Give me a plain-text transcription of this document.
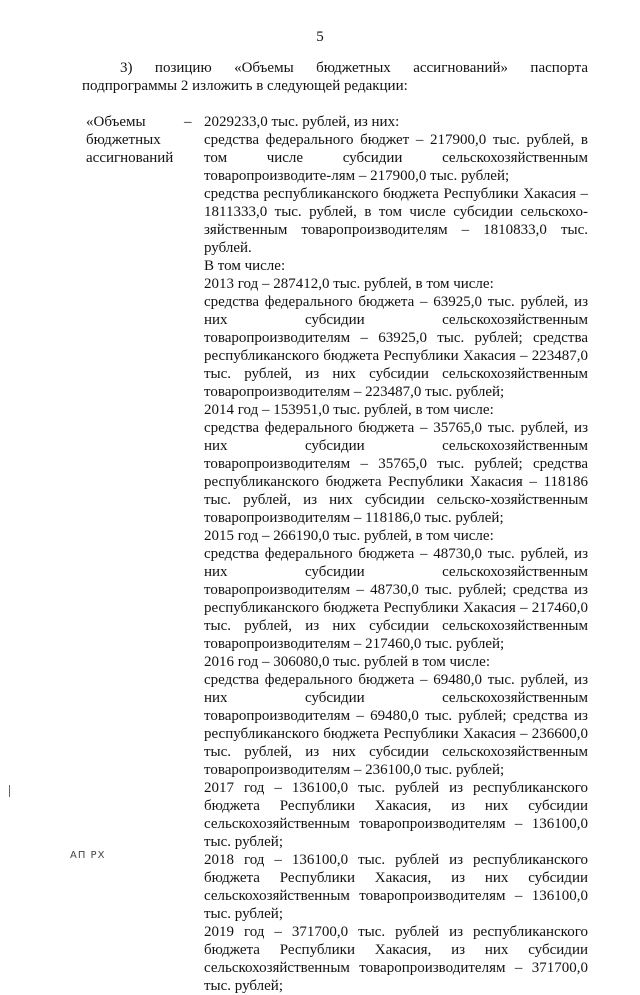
5

3) позицию «Объемы бюджетных ассигнований» паспорта подпрограммы 2 изложить в следующей редакции:

«Объемы бюджетных ассигнований

– 2029233,0 тыс. рублей, из них:

средства федерального бюджет – 217900,0 тыс. рублей, в том числе субсидии сельскохозяйственным товаропроизводите-лям – 217900,0 тыс. рублей;

средства республиканского бюджета Республики Хакасия – 1811333,0 тыс. рублей, в том числе субсидии сельскохо-зяйственным товаропроизводителям – 1810833,0 тыс. рублей.

В том числе:

2013 год – 287412,0 тыс. рублей, в том числе:

средства федерального бюджета – 63925,0 тыс. рублей, из них субсидии сельскохозяйственным товаропроизводителям – 63925,0 тыс. рублей; средства республиканского бюджета Республики Хакасия – 223487,0 тыс. рублей, из них субсидии сельскохозяйственным товаропроизводителям – 223487,0 тыс. рублей;

2014 год – 153951,0 тыс. рублей, в том числе:

средства федерального бюджета – 35765,0 тыс. рублей, из них субсидии сельскохозяйственным товаропроизводителям – 35765,0 тыс. рублей; средства республиканского бюджета Республики Хакасия – 118186 тыс. рублей, из них субсидии сельско-хозяйственным товаропроизводителям – 118186,0 тыс. рублей;

2015 год – 266190,0 тыс. рублей, в том числе:

средства федерального бюджета – 48730,0 тыс. рублей, из них субсидии сельскохозяйственным товаропроизводителям – 48730,0 тыс. рублей; средства из республиканского бюджета Республики Хакасия – 217460,0 тыс. рублей, из них субсидии сельскохозяйственным товаропроизводителям – 217460,0 тыс. рублей;

2016 год – 306080,0 тыс. рублей в том числе:

средства федерального бюджета – 69480,0 тыс. рублей, из них субсидии сельскохозяйственным товаропроизводителям – 69480,0 тыс. рублей; средства из республиканского бюджета Республики Хакасия – 236600,0 тыс. рублей, из них субсидии сельскохозяйственным товаропроизводителям – 236100,0 тыс. рублей;

2017 год – 136100,0 тыс. рублей из республиканского бюджета Республики Хакасия, из них субсидии сельскохозяйственным товаропроизводителям – 136100,0 тыс. рублей;

2018 год – 136100,0 тыс. рублей из республиканского бюджета Республики Хакасия, из них субсидии сельскохозяйственным товаропроизводителям – 136100,0 тыс. рублей;

2019 год – 371700,0 тыс. рублей из республиканского бюджета Республики Хакасия, из них субсидии сельскохозяйственным товаропроизводителям – 371700,0 тыс. рублей;

АП РХ
